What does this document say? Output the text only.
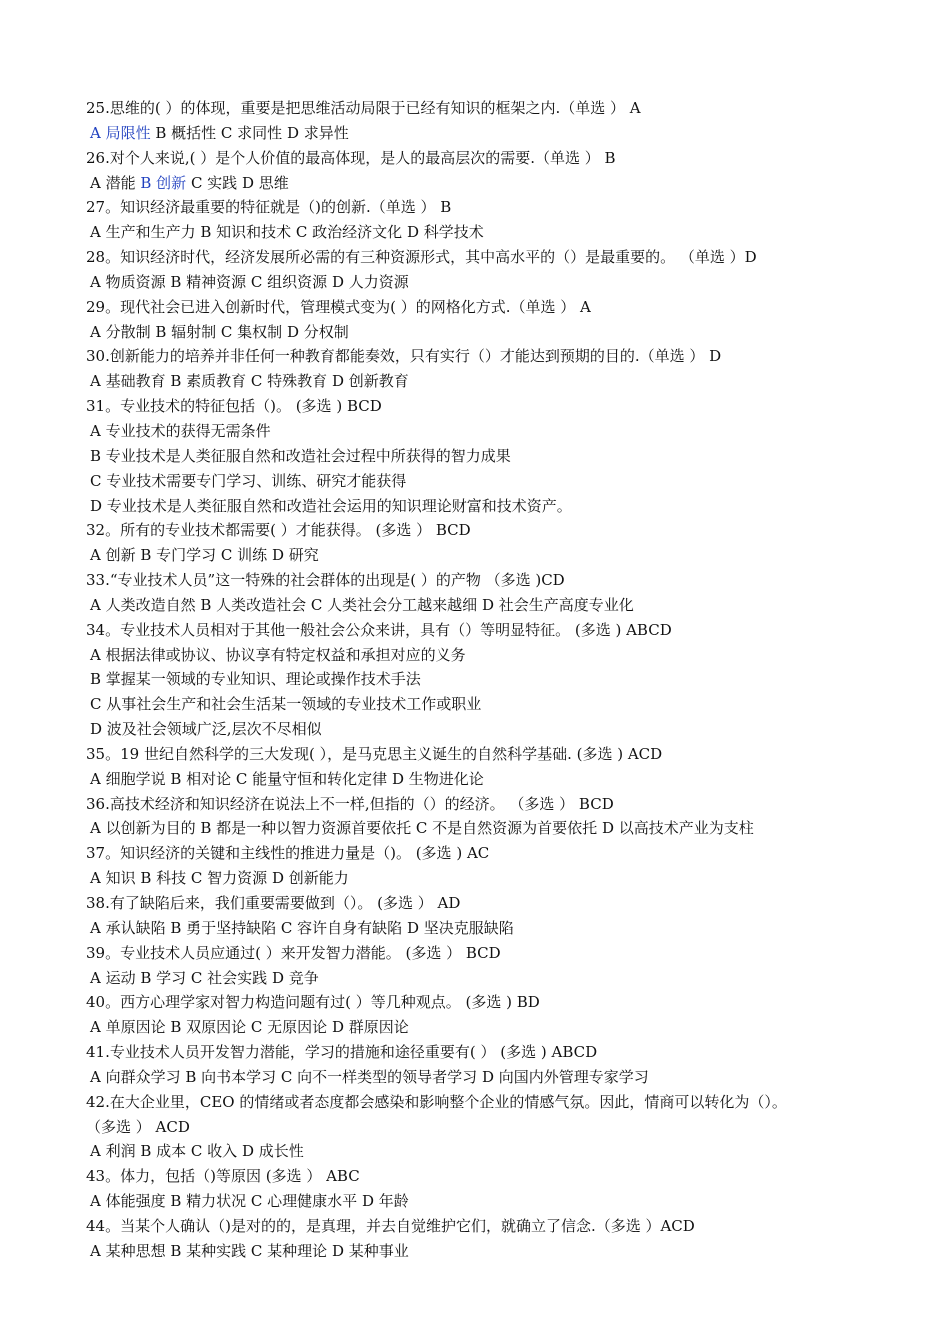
25.思维的( ）的体现，重要是把思维活动局限于已经有知识的框架之内.（单选 ） A
A 局限性 B 概括性 C 求同性 D 求异性
26.对个人来说,( ）是个人价值的最高体现，是人的最高层次的需要.（单选 ） B
A 潜能 B 创新 C 实践 D 思维
27。知识经济最重要的特征就是（)的创新.（单选 ） B
A 生产和生产力 B 知识和技术 C 政治经济文化 D 科学技术
28。知识经济时代，经济发展所必需的有三种资源形式，其中高水平的（）是最重要的。 （单选 ）D
A 物质资源 B 精神资源 C 组织资源 D 人力资源
29。现代社会已进入创新时代，管理模式变为( ）的网格化方式.（单选 ） A
A 分散制 B 辐射制 C 集权制 D 分权制
30.创新能力的培养并非任何一种教育都能奏效，只有实行（）才能达到预期的目的.（单选 ） D
A 基础教育 B 素质教育 C 特殊教育 D 创新教育
31。专业技术的特征包括（)。 (多选 ) BCD
A 专业技术的获得无需条件
B 专业技术是人类征服自然和改造社会过程中所获得的智力成果
C 专业技术需要专门学习、训练、研究才能获得
D 专业技术是人类征服自然和改造社会运用的知识理论财富和技术资产。
32。所有的专业技术都需要( ）才能获得。 (多选 ） BCD
A 创新 B 专门学习 C 训练 D 研究
33.“专业技术人员”这一特殊的社会群体的出现是( ）的产物 （多选 )CD
A 人类改造自然 B 人类改造社会 C 人类社会分工越来越细 D 社会生产高度专业化
34。专业技术人员相对于其他一般社会公众来讲，具有（）等明显特征。 (多选 ) ABCD
A 根据法律或协议、协议享有特定权益和承担对应的义务
B 掌握某一领域的专业知识、理论或操作技术手法
C 从事社会生产和社会生活某一领域的专业技术工作或职业
D 波及社会领域广泛,层次不尽相似
35。19 世纪自然科学的三大发现( ），是马克思主义诞生的自然科学基础. (多选 ) ACD
A 细胞学说 B 相对论 C 能量守恒和转化定律 D 生物进化论
36.高技术经济和知识经济在说法上不一样,但指的（）的经济。 （多选 ） BCD
A 以创新为目的 B 都是一种以智力资源首要依托 C 不是自然资源为首要依托 D 以高技术产业为支柱
37。知识经济的关键和主线性的推进力量是（)。 (多选 ) AC
A 知识 B 科技 C 智力资源 D 创新能力
38.有了缺陷后来，我们重要需要做到（）。 (多选 ） AD
A 承认缺陷 B 勇于坚持缺陷 C 容许自身有缺陷 D 坚决克服缺陷
39。专业技术人员应通过( ）来开发智力潜能。 (多选 ） BCD
A 运动 B 学习 C 社会实践 D 竞争
40。西方心理学家对智力构造问题有过( ）等几种观点。 (多选 ) BD
A 单原因论 B 双原因论 C 无原因论 D 群原因论
41.专业技术人员开发智力潜能，学习的措施和途径重要有( ） (多选 ) ABCD
A 向群众学习 B 向书本学习 C 向不一样类型的领导者学习 D 向国内外管理专家学习
42.在大企业里，CEO 的情绪或者态度都会感染和影响整个企业的情感气氛。因此，情商可以转化为（）。
（多选 ） ACD
A 利润 B 成本 C 收入 D 成长性
43。体力，包括（)等原因 (多选 ） ABC
A 体能强度 B 精力状况 C 心理健康水平 D 年龄
44。当某个人确认（)是对的的，是真理，并去自觉维护它们，就确立了信念.（多选 ）ACD
A 某种思想 B 某种实践 C 某种理论 D 某种事业
